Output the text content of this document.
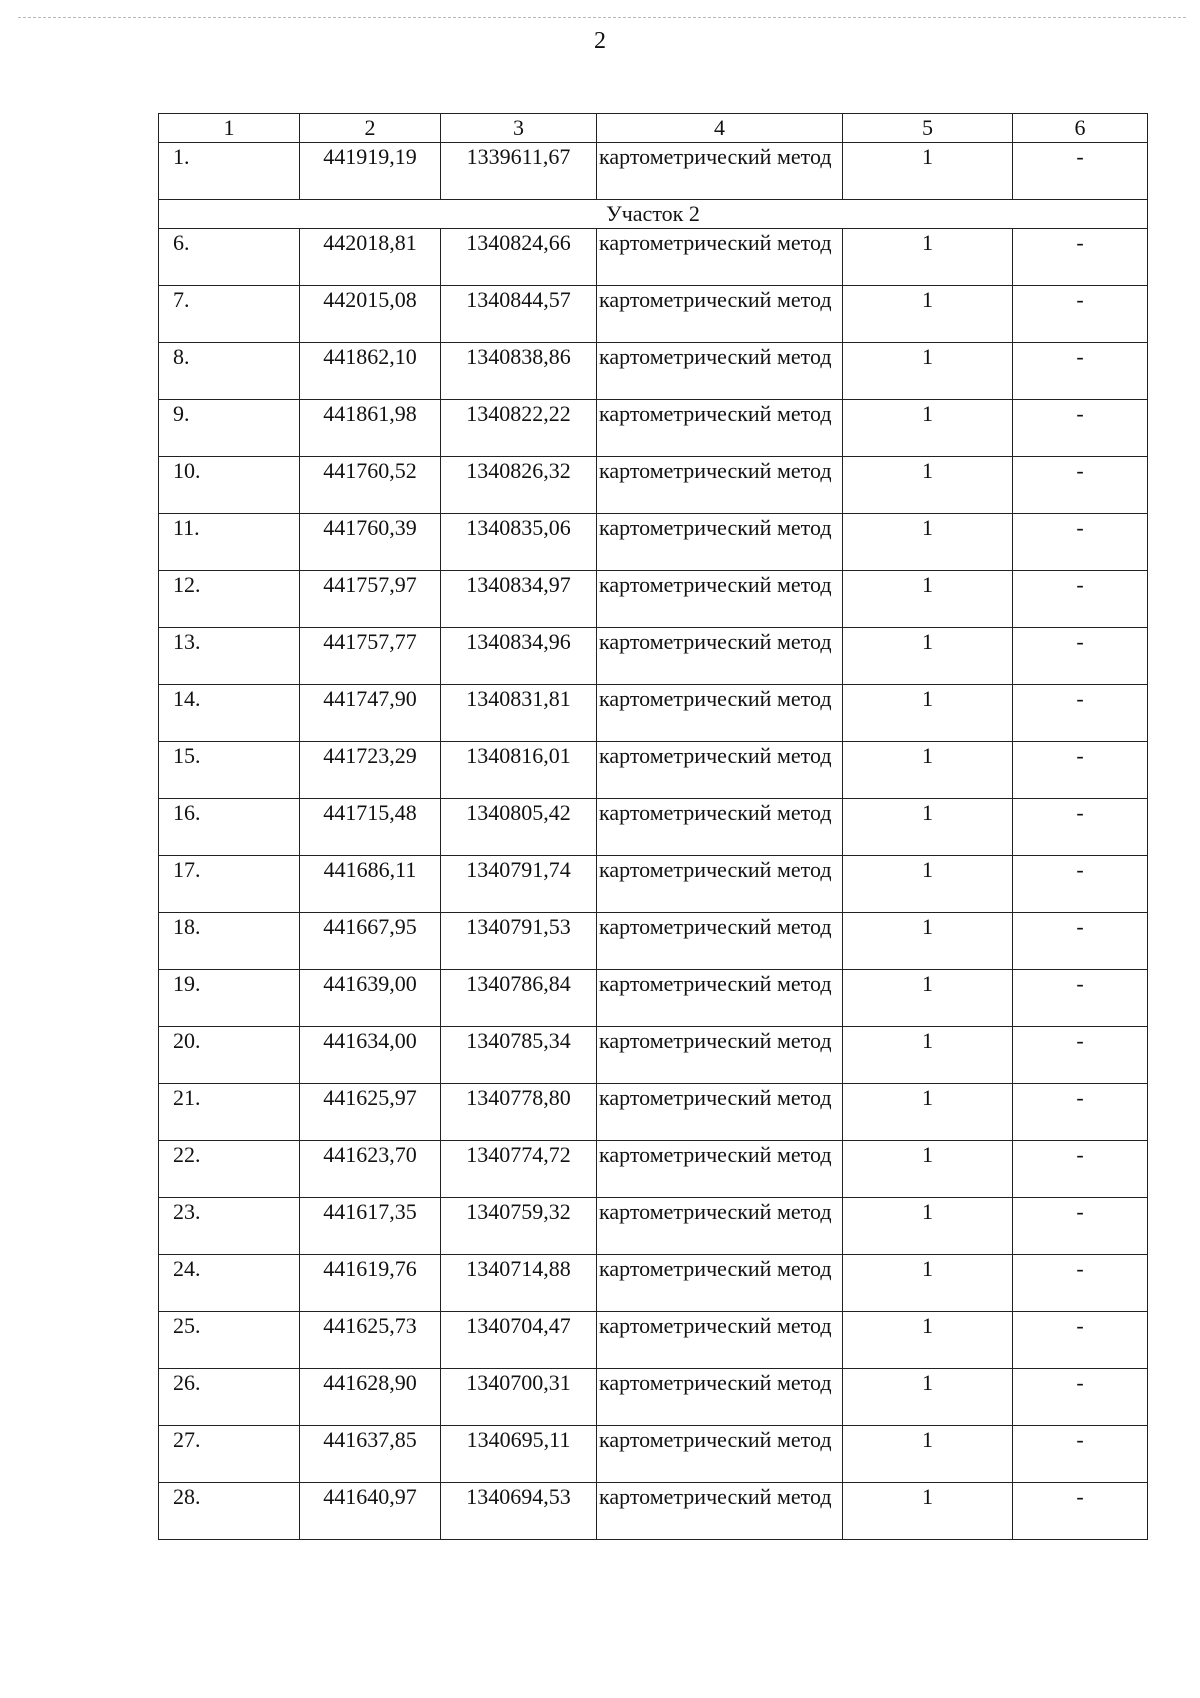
2
1	2	3	4	5	6
1.	441919,19	1339611,67	картометрический метод	1	-
Участок 2					
6.	442018,81	1340824,66	картометрический метод	1	-
7.	442015,08	1340844,57	картометрический метод	1	-
8.	441862,10	1340838,86	картометрический метод	1	-
9.	441861,98	1340822,22	картометрический метод	1	-
10.	441760,52	1340826,32	картометрический метод	1	-
11.	441760,39	1340835,06	картометрический метод	1	-
12.	441757,97	1340834,97	картометрический метод	1	-
13.	441757,77	1340834,96	картометрический метод	1	-
14.	441747,90	1340831,81	картометрический метод	1	-
15.	441723,29	1340816,01	картометрический метод	1	-
16.	441715,48	1340805,42	картометрический метод	1	-
17.	441686,11	1340791,74	картометрический метод	1	-
18.	441667,95	1340791,53	картометрический метод	1	-
19.	441639,00	1340786,84	картометрический метод	1	-
20.	441634,00	1340785,34	картометрический метод	1	-
21.	441625,97	1340778,80	картометрический метод	1	-
22.	441623,70	1340774,72	картометрический метод	1	-
23.	441617,35	1340759,32	картометрический метод	1	-
24.	441619,76	1340714,88	картометрический метод	1	-
25.	441625,73	1340704,47	картометрический метод	1	-
26.	441628,90	1340700,31	картометрический метод	1	-
27.	441637,85	1340695,11	картометрический метод	1	-
28.	441640,97	1340694,53	картометрический метод	1	-
